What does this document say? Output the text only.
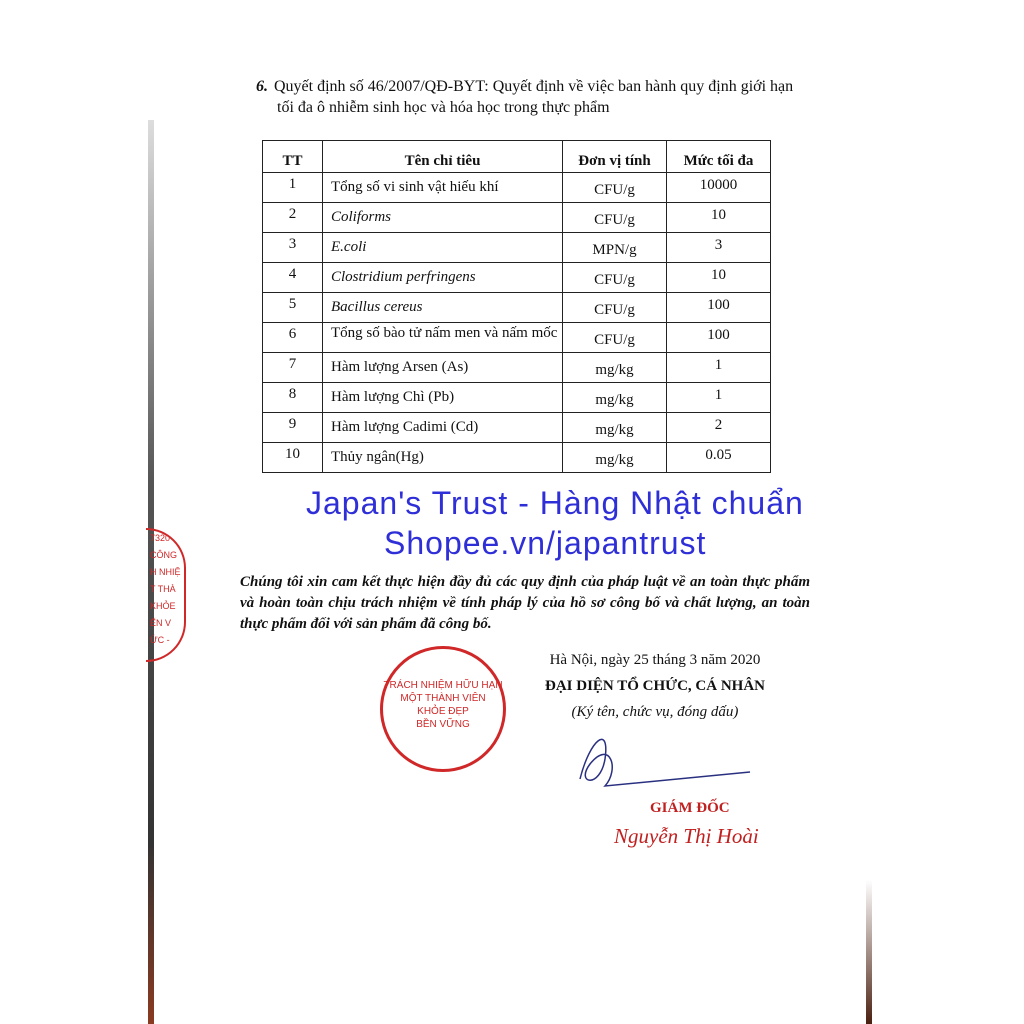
6. Quyết định số 46/2007/QĐ-BYT: Quyết định về việc ban hành quy định giới hạn
tối đa ô nhiễm sinh học và hóa học trong thực phẩm
TT	Tên chỉ tiêu	Đơn vị tính	Mức tối đa
1	Tổng số vi sinh vật hiếu khí	CFU/g	10000
2	Coliforms	CFU/g	10
3	E.coli	MPN/g	3
4	Clostridium perfringens	CFU/g	10
5	Bacillus cereus	CFU/g	100
6	Tổng số bào tử nấm men và nấm mốc	CFU/g	100
7	Hàm lượng Arsen (As)	mg/kg	1
8	Hàm lượng Chì (Pb)	mg/kg	1
9	Hàm lượng Cadimi (Cd)	mg/kg	2
10	Thủy ngân(Hg)	mg/kg	0.05
Japan's Trust - Hàng Nhật chuẩn
Shopee.vn/japantrust
Chúng tôi xin cam kết thực hiện đầy đủ các quy định của pháp luật về an toàn thực phẩm và hoàn toàn chịu trách nhiệm về tính pháp lý của hồ sơ công bố và chất lượng, an toàn thực phẩm đối với sản phẩm đã công bố.
7320
CÔNG
H NHIỆ
T THÀ
KHỎE
ẾN V
ỨC -
Hà Nội, ngày 25 tháng 3 năm 2020
ĐẠI DIỆN TỔ CHỨC, CÁ NHÂN
(Ký tên, chức vụ, đóng dấu)
TRÁCH NHIỆM HỮU HẠN
MỘT THÀNH VIÊN
KHỎE ĐẸP
BỀN VỮNG
GIÁM ĐỐC
Nguyễn Thị Hoài
